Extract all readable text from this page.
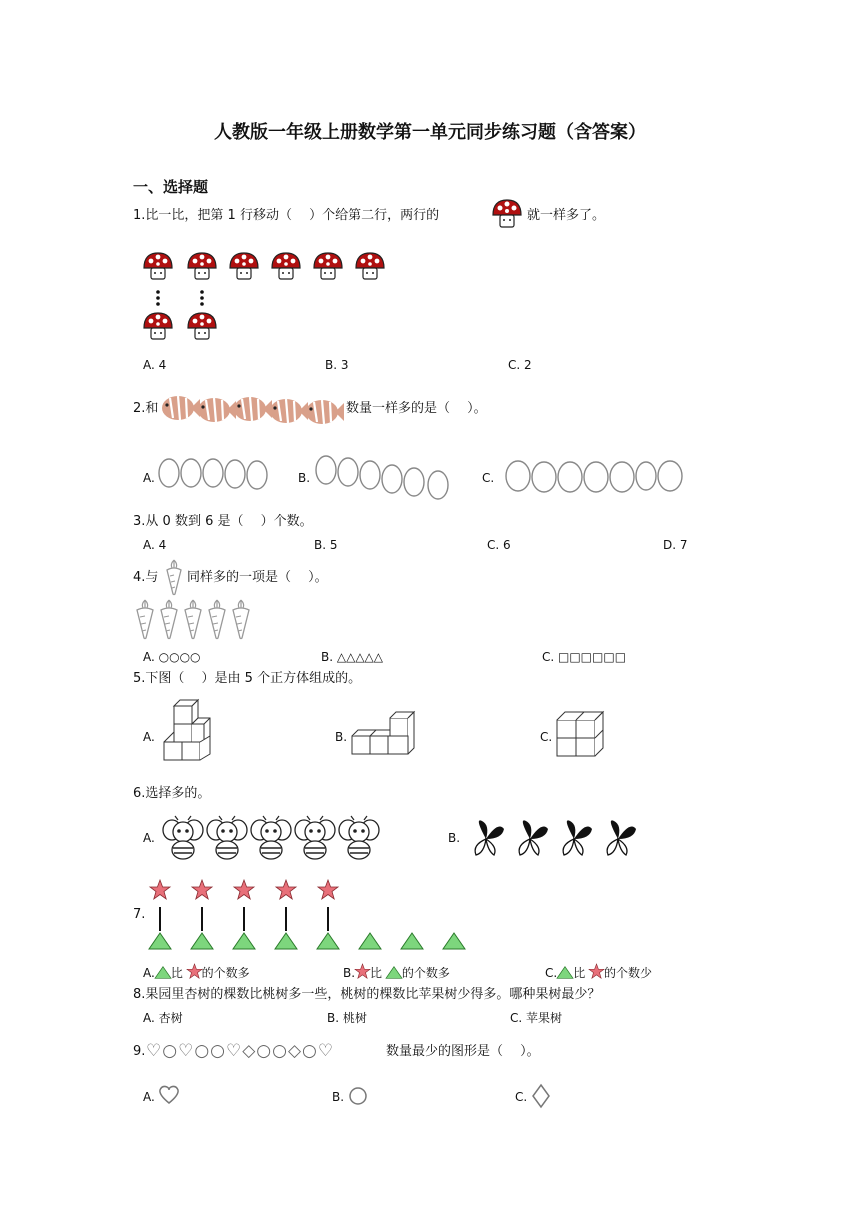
人教版一年级上册数学第一单元同步练习题（含答案）
一、选择题
1.比一比，把第 1 行移动（　 ）个给第二行，两行的	就一样多了。
A. 4	B. 3	C. 2
2.和	数量一样多的是（　 ）。
A.	B.	C.
3.从 0 数到 6 是（　 ）个数。
A. 4	B. 5	C. 6	D. 7
4.与 同样多的一项是（　 ）。
A. ○○○○	B. △△△△△	C. □□□□□□
5.下图（　 ）是由 5 个正方体组成的。
A.	B.	C.
6.选择多的。
A.	B.
7.
A. 比 的个数多	B. 比 的个数多	C. 比 的个数少
8.果园里杏树的棵数比桃树多一些，桃树的棵数比苹果树少得多。哪种果树最少？
A. 杏树	B. 桃树	C. 苹果树
9. ♡○♡○○♡◇○○◇○♡	数量最少的图形是（　 ）。
A.	B.	C.
